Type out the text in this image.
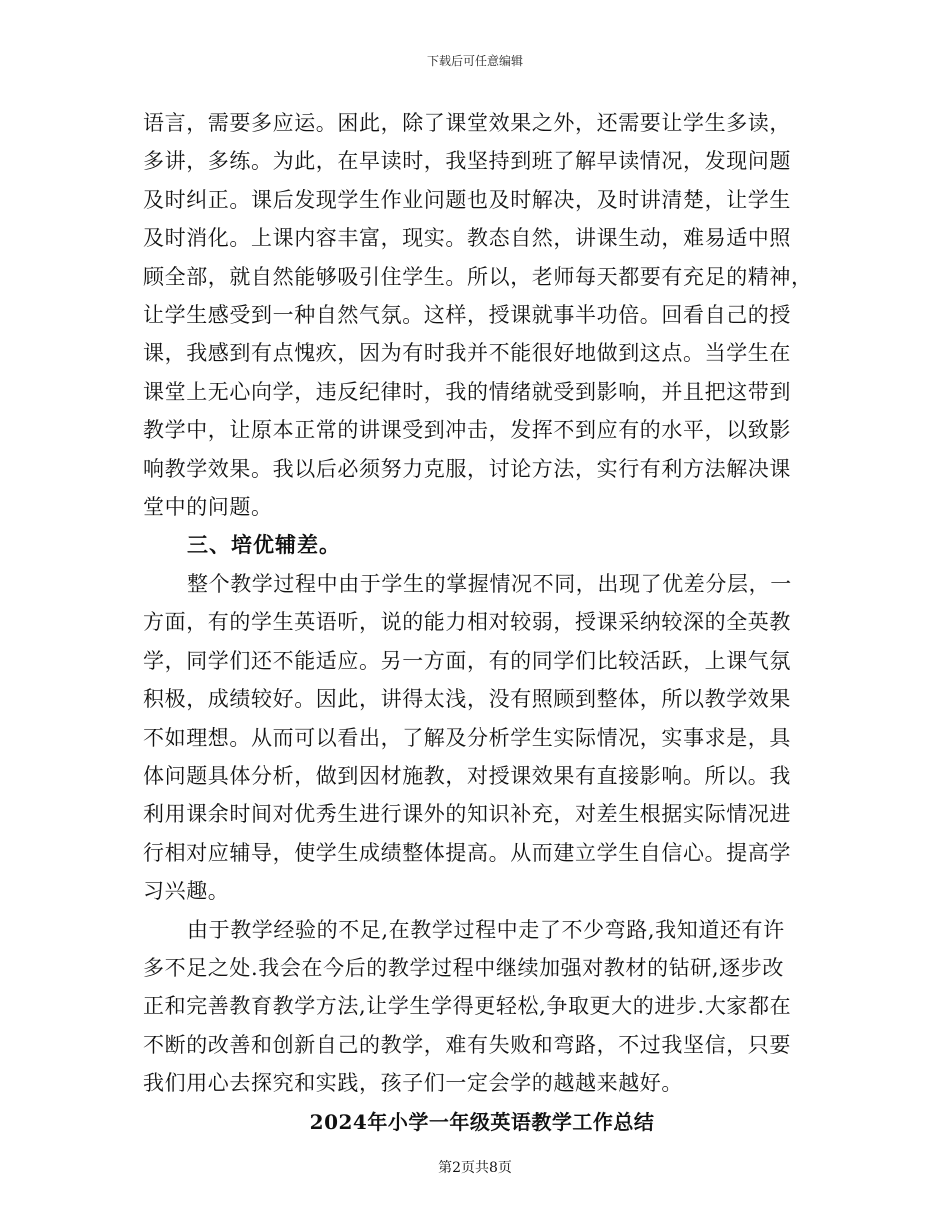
下载后可任意编辑

语言，需要多应运。困此，除了课堂效果之外，还需要让学生多读，

多讲，多练。为此，在早读时，我坚持到班了解早读情况，发现问题

及时纠正。课后发现学生作业问题也及时解决，及时讲清楚，让学生

及时消化。上课内容丰富，现实。教态自然，讲课生动，难易适中照

顾全部，就自然能够吸引住学生。所以，老师每天都要有充足的精神，

让学生感受到一种自然气氛。这样，授课就事半功倍。回看自己的授

课，我感到有点愧疚，因为有时我并不能很好地做到这点。当学生在

课堂上无心向学，违反纪律时，我的情绪就受到影响，并且把这带到

教学中，让原本正常的讲课受到冲击，发挥不到应有的水平，以致影

响教学效果。我以后必须努力克服，讨论方法，实行有利方法解决课

堂中的问题。

三、培优辅差。

整个教学过程中由于学生的掌握情况不同，出现了优差分层，一

方面，有的学生英语听，说的能力相对较弱，授课采纳较深的全英教

学，同学们还不能适应。另一方面，有的同学们比较活跃，上课气氛

积极，成绩较好。因此，讲得太浅，没有照顾到整体，所以教学效果

不如理想。从而可以看出，了解及分析学生实际情况，实事求是，具

体问题具体分析，做到因材施教，对授课效果有直接影响。所以。我

利用课余时间对优秀生进行课外的知识补充，对差生根据实际情况进

行相对应辅导，使学生成绩整体提高。从而建立学生自信心。提高学

习兴趣。

由于教学经验的不足,在教学过程中走了不少弯路,我知道还有许

多不足之处.我会在今后的教学过程中继续加强对教材的钻研,逐步改

正和完善教育教学方法,让学生学得更轻松,争取更大的进步.大家都在

不断的改善和创新自己的教学，难有失败和弯路，不过我坚信，只要

我们用心去探究和实践，孩子们一定会学的越越来越好。

2024年小学一年级英语教学工作总结

第2页共8页
